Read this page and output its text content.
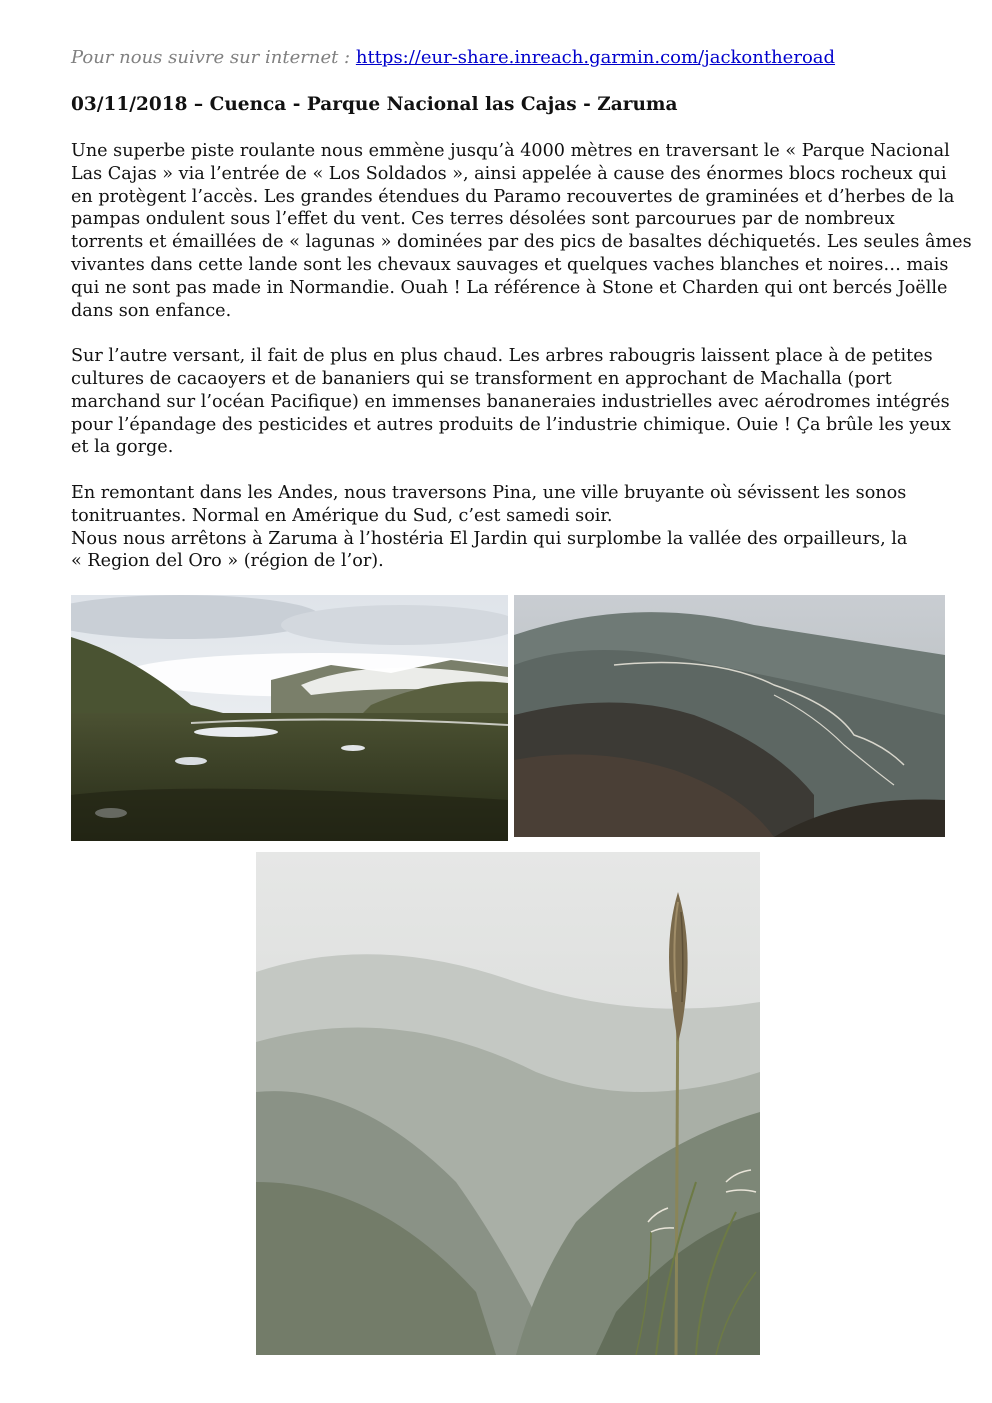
Pour nous suivre sur internet : https://eur-share.inreach.garmin.com/jackontheroad
03/11/2018 – Cuenca - Parque Nacional las Cajas - Zaruma

Une superbe piste roulante nous emmène jusqu’à 4000 mètres en traversant le « Parque Nacional
Las Cajas » via l’entrée de « Los Soldados », ainsi appelée à cause des énormes blocs rocheux qui
en protègent l’accès. Les grandes étendues du Paramo recouvertes de graminées et d’herbes de la
pampas ondulent sous l’effet du vent. Ces terres désolées sont parcourues par de nombreux
torrents et émaillées de « lagunas » dominées par des pics de basaltes déchiquetés. Les seules âmes
vivantes dans cette lande sont les chevaux sauvages et quelques vaches blanches et noires… mais
qui ne sont pas made in Normandie. Ouah ! La référence à Stone et Charden qui ont bercés Joëlle
dans son enfance.

Sur l’autre versant, il fait de plus en plus chaud. Les arbres rabougris laissent place à de petites
cultures de cacaoyers et de bananiers qui se transforment en approchant de Machalla (port
marchand sur l’océan Pacifique) en immenses bananeraies industrielles avec aérodromes intégrés
pour l’épandage des pesticides et autres produits de l’industrie chimique. Ouie ! Ça brûle les yeux
et la gorge.

En remontant dans les Andes, nous traversons Pina, une ville bruyante où sévissent les sonos
tonitruantes. Normal en Amérique du Sud, c’est samedi soir.
Nous nous arrêtons à Zaruma à l’hostéria El Jardin qui surplombe la vallée des orpailleurs, la
« Region del Oro » (région de l’or).
